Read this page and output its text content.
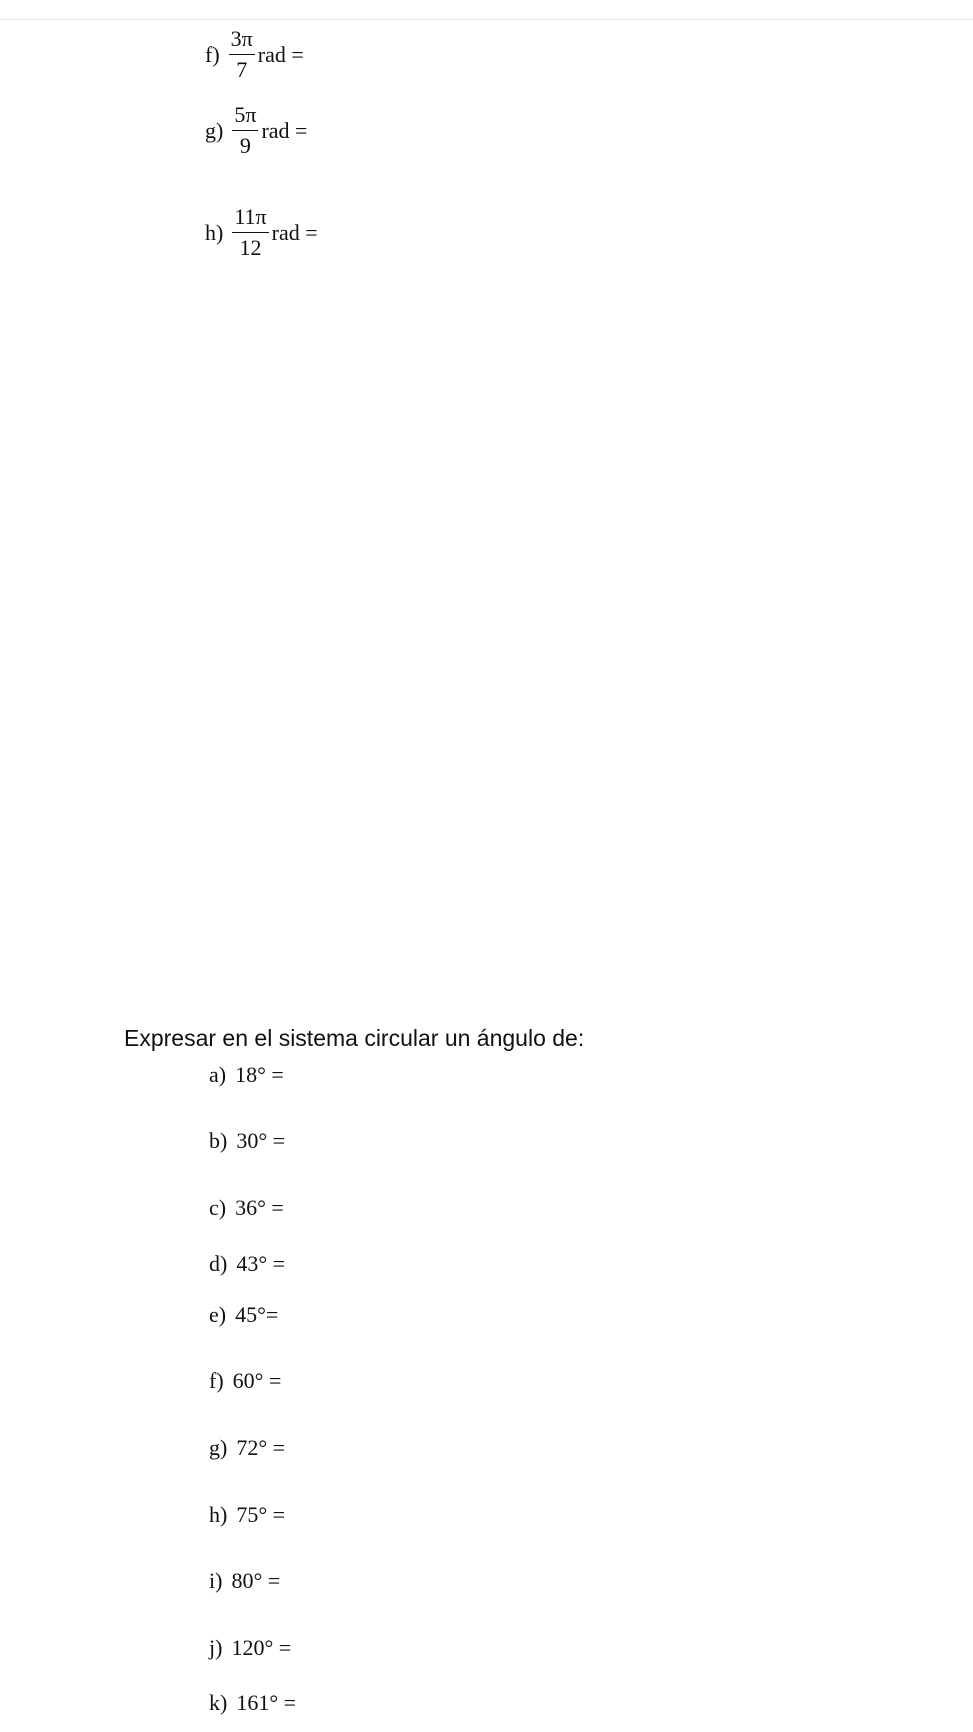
$f) \frac{3\pi}{7}$ rad =
$g) \frac{5\pi}{9}$ rad =
$h) \frac{11\pi}{12}$ rad =
Expresar en el sistema circular un ángulo de:
a) 18° =
b) 30° =
c) 36° =
d) 43° =
e) 45°=
f) 60° =
g) 72° =
h) 75° =
i) 80° =
j) 120° =
k) 161° =
